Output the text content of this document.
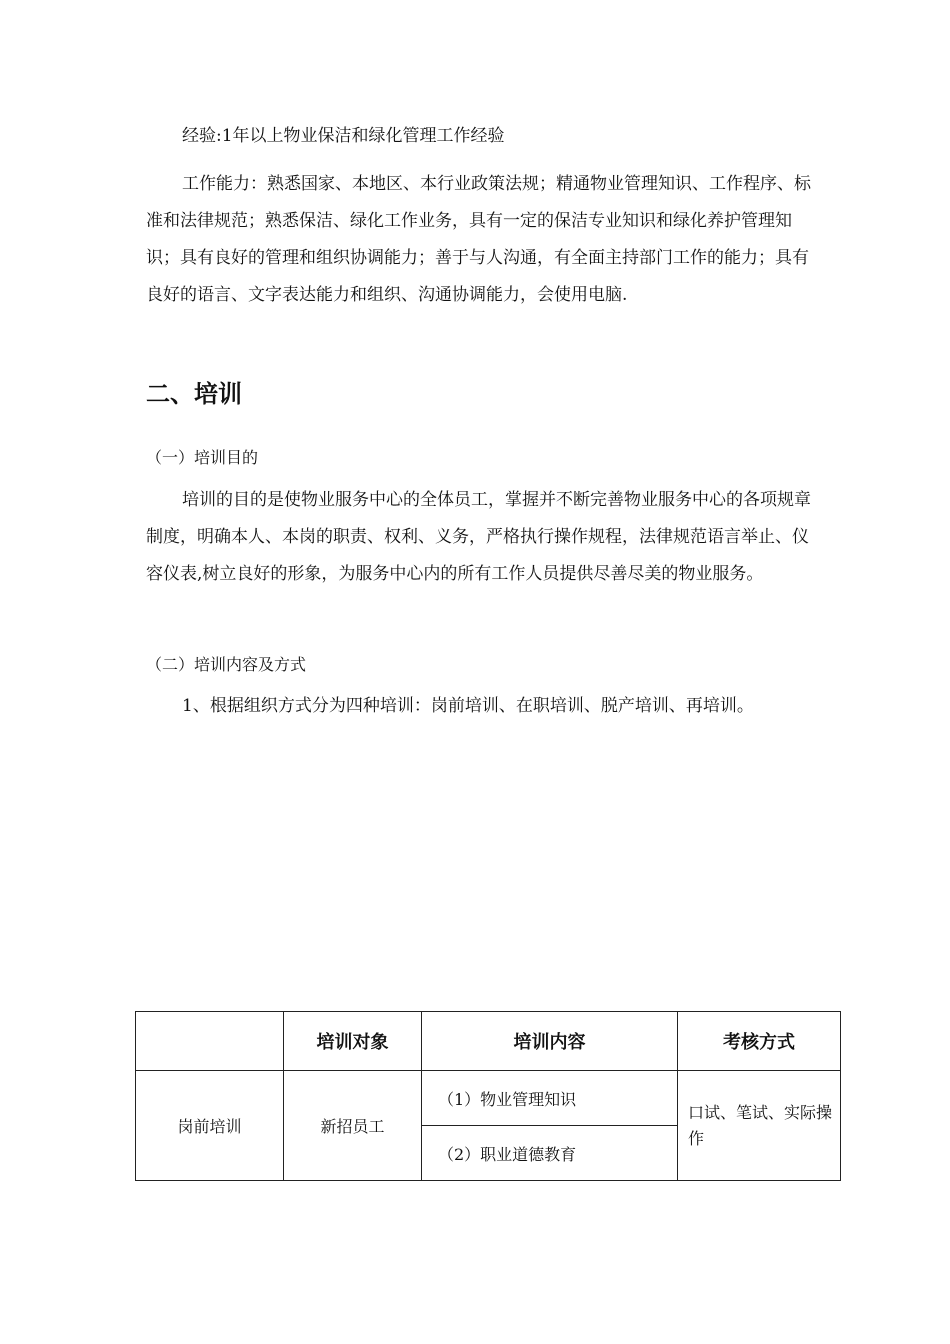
经验:1年以上物业保洁和绿化管理工作经验

工作能力：熟悉国家、本地区、本行业政策法规；精通物业管理知识、工作程序、标准和法律规范；熟悉保洁、绿化工作业务，具有一定的保洁专业知识和绿化养护管理知识；具有良好的管理和组织协调能力；善于与人沟通，有全面主持部门工作的能力；具有良好的语言、文字表达能力和组织、沟通协调能力，会使用电脑.

二、培训

（一）培训目的

培训的目的是使物业服务中心的全体员工，掌握并不断完善物业服务中心的各项规章制度，明确本人、本岗的职责、权利、义务，严格执行操作规程，法律规范语言举止、仪容仪表,树立良好的形象，为服务中心内的所有工作人员提供尽善尽美的物业服务。

（二）培训内容及方式

1、根据组织方式分为四种培训：岗前培训、在职培训、脱产培训、再培训。

	培训对象	培训内容	考核方式
岗前培训	新招员工	（1）物业管理知识	口试、笔试、实际操作
		（2）职业道德教育	
